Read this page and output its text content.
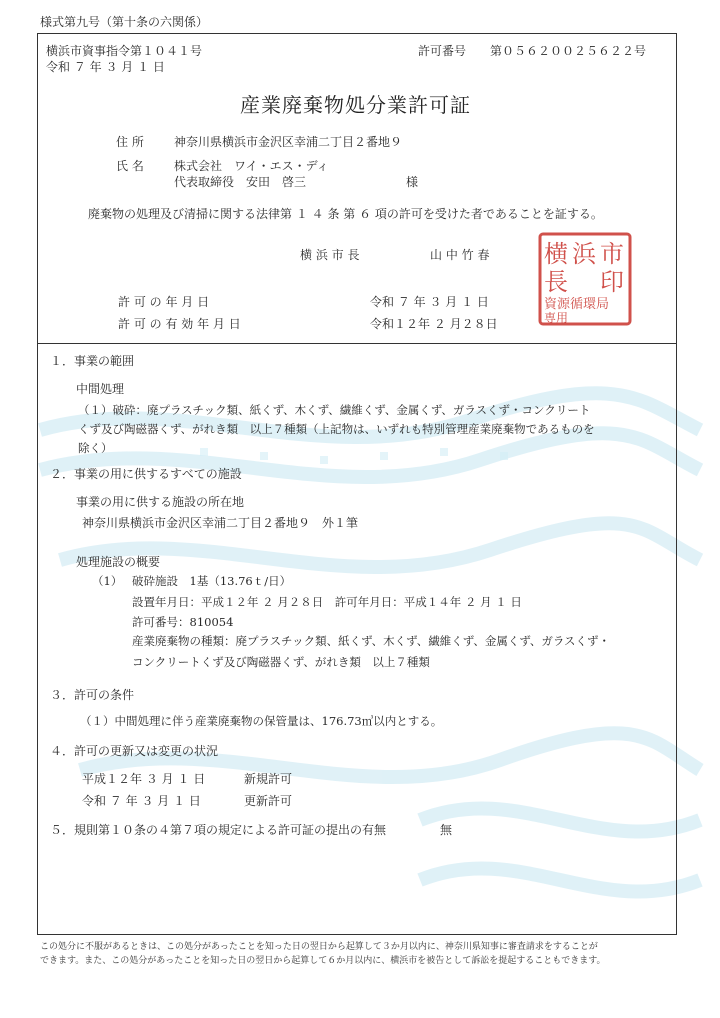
様式第九号（第十条の六関係）
横浜市資事指令第１０４１号
令和 ７ 年 ３ 月 １ 日
許可番号 第０５６２００２５６２２号
産業廃棄物処分業許可証
住 所	神奈川県横浜市金沢区幸浦二丁目２番地９
氏 名	株式会社　ワイ・エス・ディ
代表取締役　安田　啓三	様
廃棄物の処理及び清掃に関する法律第 １ ４ 条 第 ６ 項の許可を受けた者であることを証する。
横 浜 市 長	山 中 竹 春 横 浜 市
長 印
資源循環局
専用
許 可 の 年 月 日	令和 ７ 年 ３ 月 １ 日
許 可 の 有 効 年 月 日	令和１２年 ２ 月２８日
１．事業の範囲
中間処理
（１）破砕：廃プラスチック類、紙くず、木くず、繊維くず、金属くず、ガラスくず・コンクリート
くず及び陶磁器くず、がれき類　以上７種類（上記物は、いずれも特別管理産業廃棄物であるものを
除く）
２．事業の用に供するすべての施設
事業の用に供する施設の所在地
神奈川県横浜市金沢区幸浦二丁目２番地９　外１筆
処理施設の概要
（1） 破砕施設　1基（13.76ｔ/日）
設置年月日：平成１２年 ２ 月２８日　許可年月日：平成１４年 ２ 月 １ 日
許可番号：810054
産業廃棄物の種類：廃プラスチック類、紙くず、木くず、繊維くず、金属くず、ガラスくず・
コンクリートくず及び陶磁器くず、がれき類　以上７種類
３．許可の条件
（１）中間処理に伴う産業廃棄物の保管量は、176.73㎥以内とする。
４．許可の更新又は変更の状況
平成１２年 ３ 月 １ 日	新規許可
令和 ７ 年 ３ 月 １ 日	更新許可
５．規則第１０条の４第７項の規定による許可証の提出の有無	無
この処分に不服があるときは、この処分があったことを知った日の翌日から起算して３か月以内に、神奈川県知事に審査請求をすることが
できます。また、この処分があったことを知った日の翌日から起算して６か月以内に、横浜市を被告として訴訟を提起することもできます。
